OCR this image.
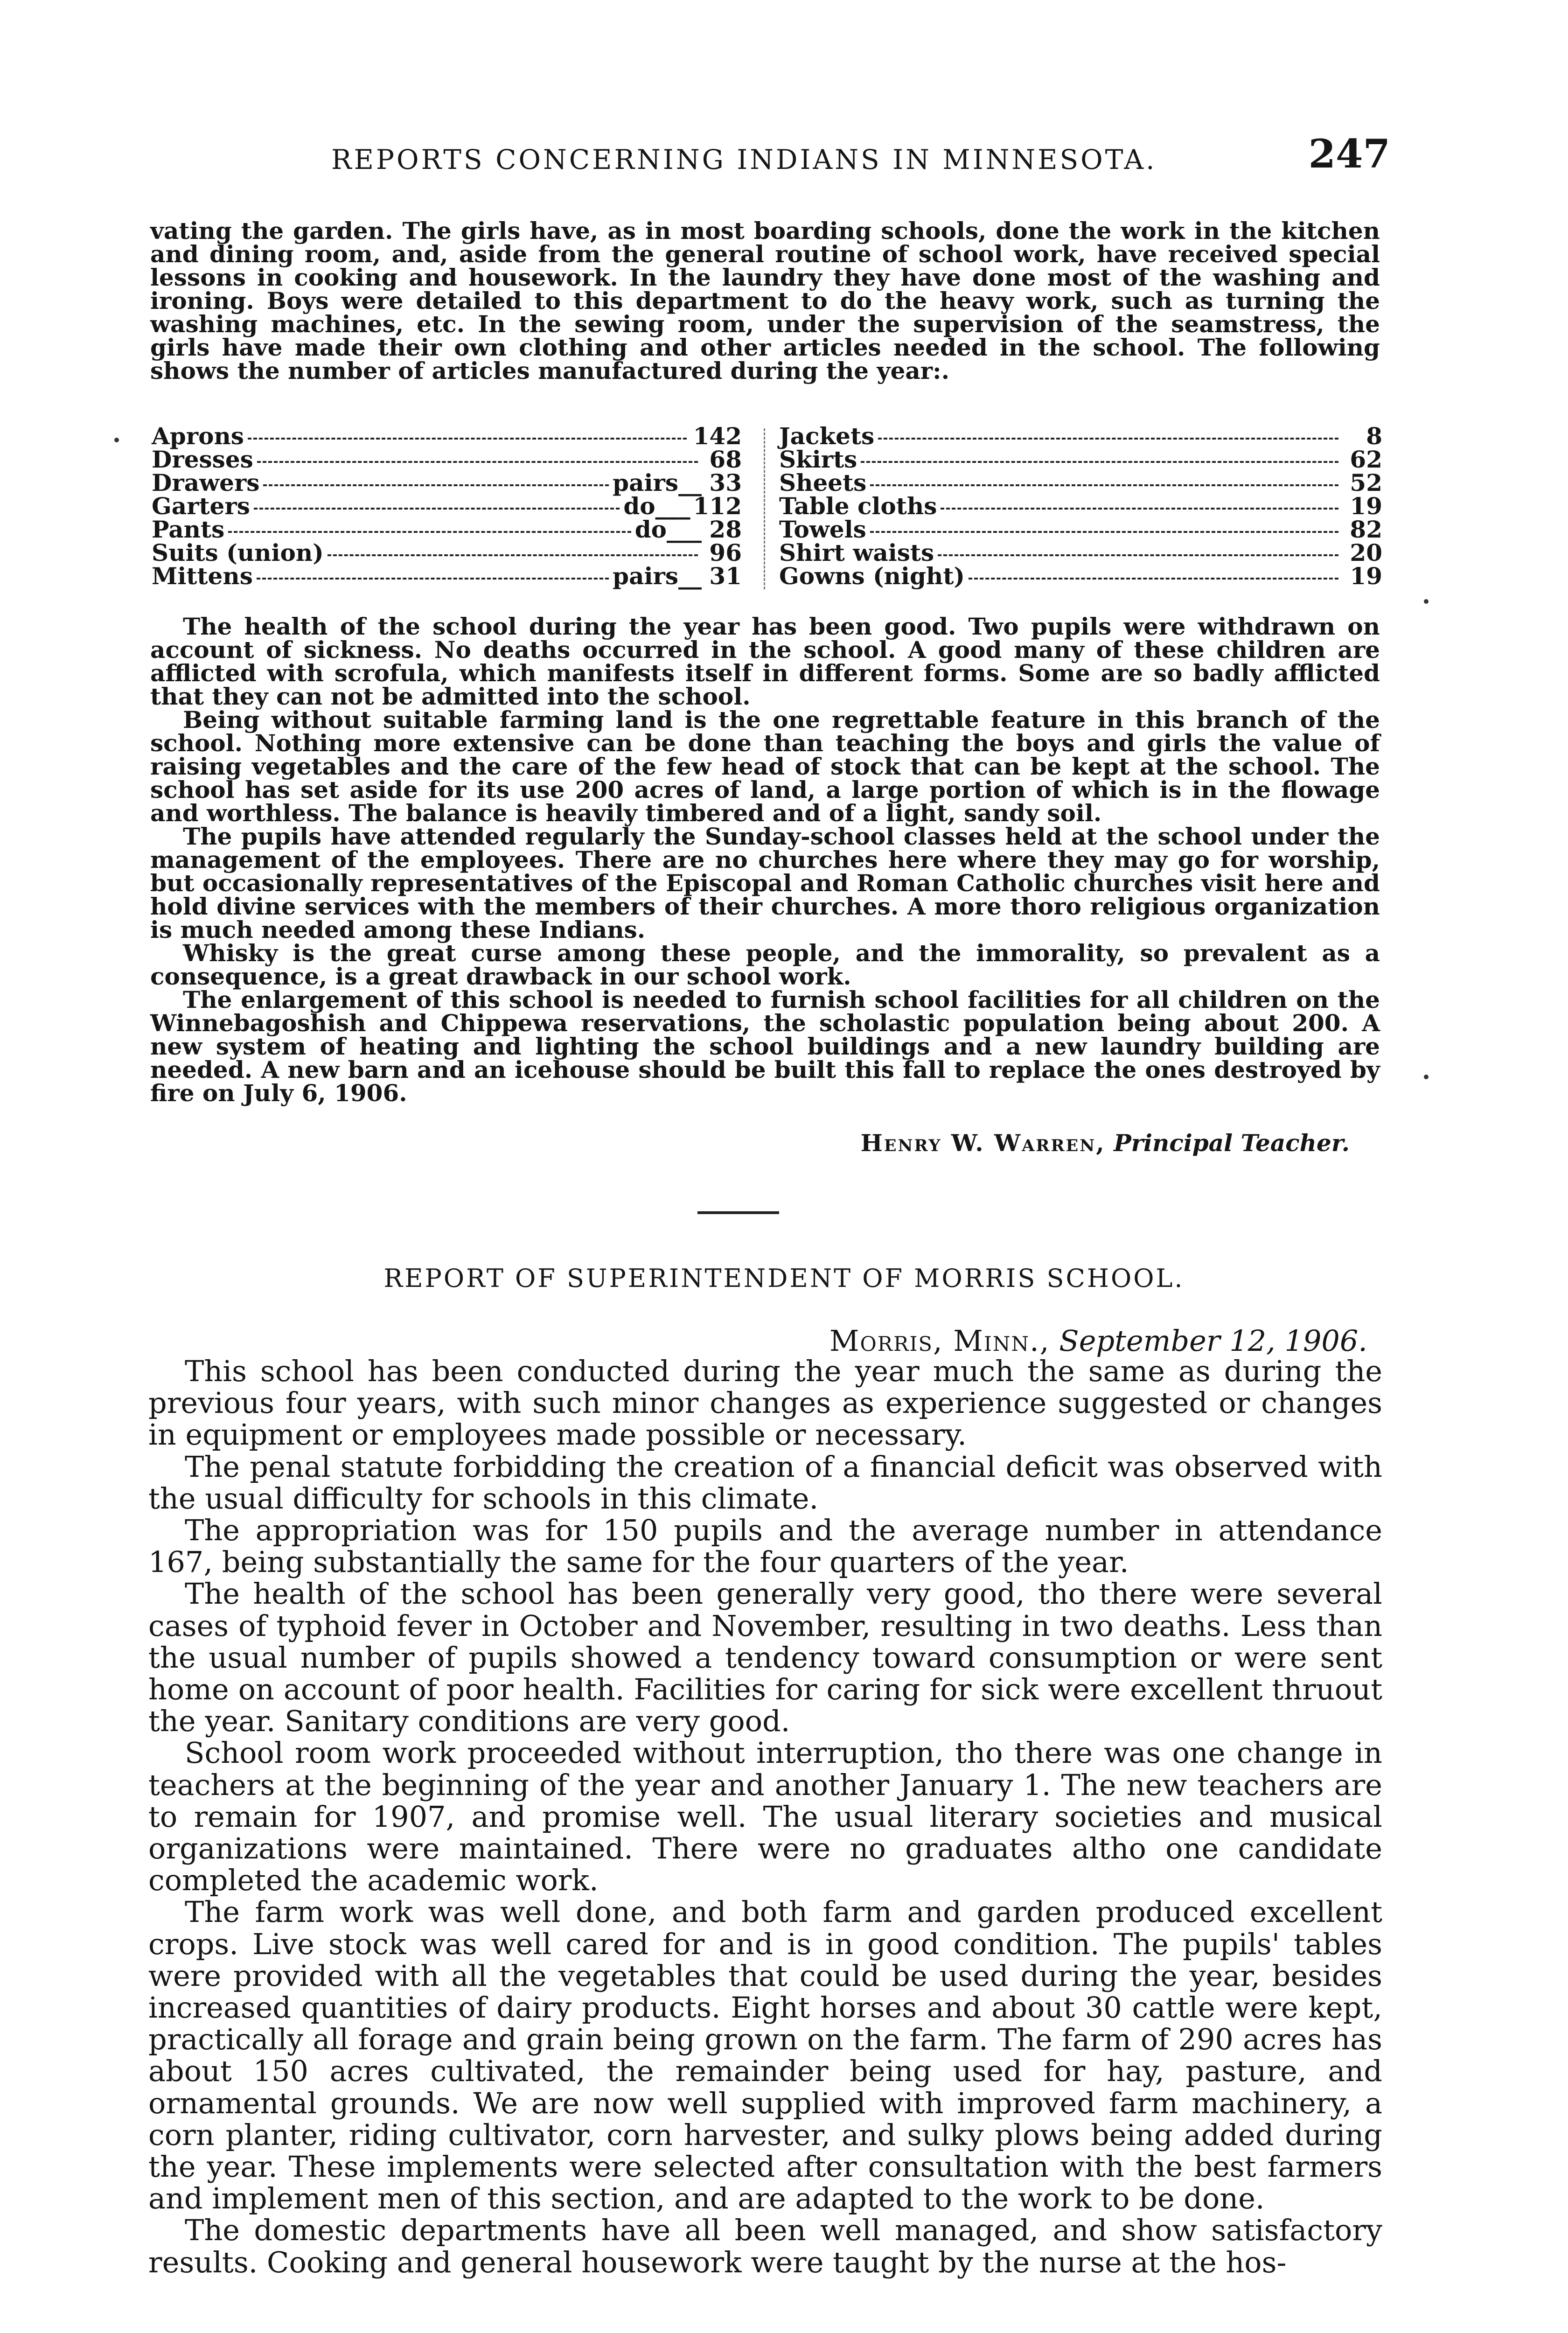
REPORTS CONCERNING INDIANS IN MINNESOTA.	247

vating the garden. The girls have, as in most boarding schools, done the work in the kitchen and dining room, and, aside from the general routine of school work, have received special lessons in cooking and housework. In the laundry they have done most of the washing and ironing. Boys were detailed to this department to do the heavy work, such as turning the washing machines, etc. In the sewing room, under the supervision of the seamstress, the girls have made their own clothing and other articles needed in the school. The following shows the number of articles manufactured during the year:.

Aprons	142
Dresses	68
Drawers	pairs__ 33
Garters	do___ 112
Pants	do___ 28
Suits (union)	96
Mittens	pairs__ 31
Jackets	8
Skirts	62
Sheets	52
Table cloths	19
Towels	82
Shirt waists	20
Gowns (night)	19

The health of the school during the year has been good. Two pupils were withdrawn on account of sickness. No deaths occurred in the school. A good many of these children are afflicted with scrofula, which manifests itself in different forms. Some are so badly afflicted that they can not be admitted into the school.

Being without suitable farming land is the one regrettable feature in this branch of the school. Nothing more extensive can be done than teaching the boys and girls the value of raising vegetables and the care of the few head of stock that can be kept at the school. The school has set aside for its use 200 acres of land, a large portion of which is in the flowage and worthless. The balance is heavily timbered and of a light, sandy soil.

The pupils have attended regularly the Sunday-school classes held at the school under the management of the employees. There are no churches here where they may go for worship, but occasionally representatives of the Episcopal and Roman Catholic churches visit here and hold divine services with the members of their churches. A more thoro religious organization is much needed among these Indians.

Whisky is the great curse among these people, and the immorality, so prevalent as a consequence, is a great drawback in our school work.

The enlargement of this school is needed to furnish school facilities for all children on the Winnebagoshish and Chippewa reservations, the scholastic population being about 200. A new system of heating and lighting the school buildings and a new laundry building are needed. A new barn and an icehouse should be built this fall to replace the ones destroyed by fire on July 6, 1906.

Henry W. Warren, Principal Teacher.
REPORT OF SUPERINTENDENT OF MORRIS SCHOOL.
Morris, Minn., September 12, 1906.

This school has been conducted during the year much the same as during the previous four years, with such minor changes as experience suggested or changes in equipment or employees made possible or necessary.

The penal statute forbidding the creation of a financial deficit was observed with the usual difficulty for schools in this climate.

The appropriation was for 150 pupils and the average number in attendance 167, being substantially the same for the four quarters of the year.

The health of the school has been generally very good, tho there were several cases of typhoid fever in October and November, resulting in two deaths. Less than the usual number of pupils showed a tendency toward consumption or were sent home on account of poor health. Facilities for caring for sick were excellent thruout the year. Sanitary conditions are very good.

School room work proceeded without interruption, tho there was one change in teachers at the beginning of the year and another January 1. The new teachers are to remain for 1907, and promise well. The usual literary societies and musical organizations were maintained. There were no graduates altho one candidate completed the academic work.

The farm work was well done, and both farm and garden produced excellent crops. Live stock was well cared for and is in good condition. The pupils' tables were provided with all the vegetables that could be used during the year, besides increased quantities of dairy products. Eight horses and about 30 cattle were kept, practically all forage and grain being grown on the farm. The farm of 290 acres has about 150 acres cultivated, the remainder being used for hay, pasture, and ornamental grounds. We are now well supplied with improved farm machinery, a corn planter, riding cultivator, corn harvester, and sulky plows being added during the year. These implements were selected after consultation with the best farmers and implement men of this section, and are adapted to the work to be done.

The domestic departments have all been well managed, and show satisfactory results. Cooking and general housework were taught by the nurse at the hos-
